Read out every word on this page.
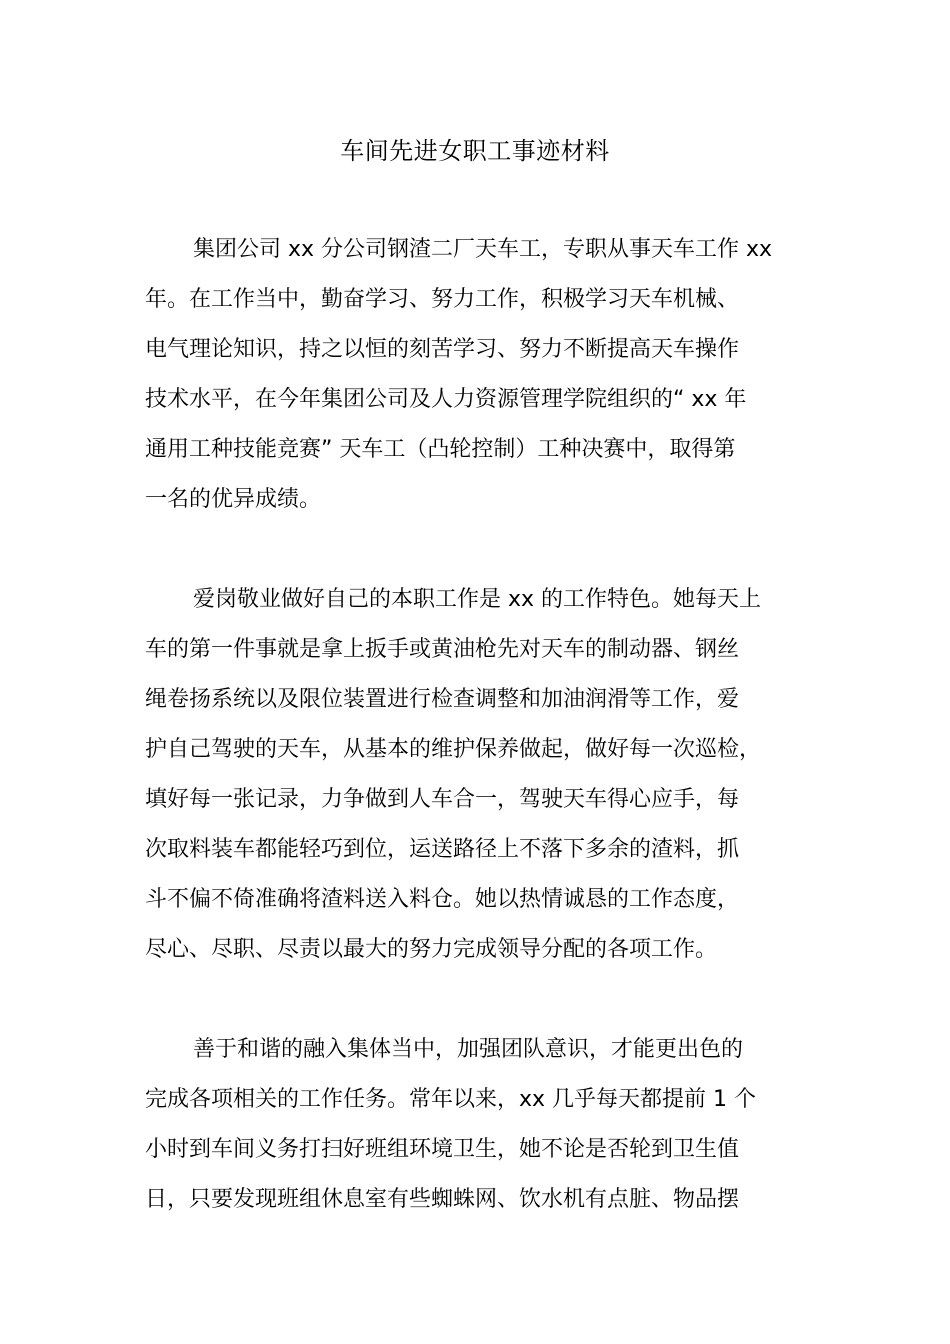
车间先进女职工事迹材料
集团公司 xx 分公司钢渣二厂天车工，专职从事天车工作 xx
年。在工作当中，勤奋学习、努力工作，积极学习天车机械、
电气理论知识，持之以恒的刻苦学习、努力不断提高天车操作
技术水平，在今年集团公司及人力资源管理学院组织的“ xx 年
通用工种技能竞赛” 天车工（凸轮控制）工种决赛中，取得第
一名的优异成绩。
爱岗敬业做好自己的本职工作是 xx 的工作特色。她每天上
车的第一件事就是拿上扳手或黄油枪先对天车的制动器、钢丝
绳卷扬系统以及限位装置进行检查调整和加油润滑等工作，爱
护自己驾驶的天车，从基本的维护保养做起，做好每一次巡检，
填好每一张记录，力争做到人车合一，驾驶天车得心应手，每
次取料装车都能轻巧到位，运送路径上不落下多余的渣料，抓
斗不偏不倚准确将渣料送入料仓。她以热情诚恳的工作态度，
尽心、尽职、尽责以最大的努力完成领导分配的各项工作。
善于和谐的融入集体当中，加强团队意识，才能更出色的
完成各项相关的工作任务。常年以来，xx 几乎每天都提前 1 个
小时到车间义务打扫好班组环境卫生，她不论是否轮到卫生值
日，只要发现班组休息室有些蜘蛛网、饮水机有点脏、物品摆
